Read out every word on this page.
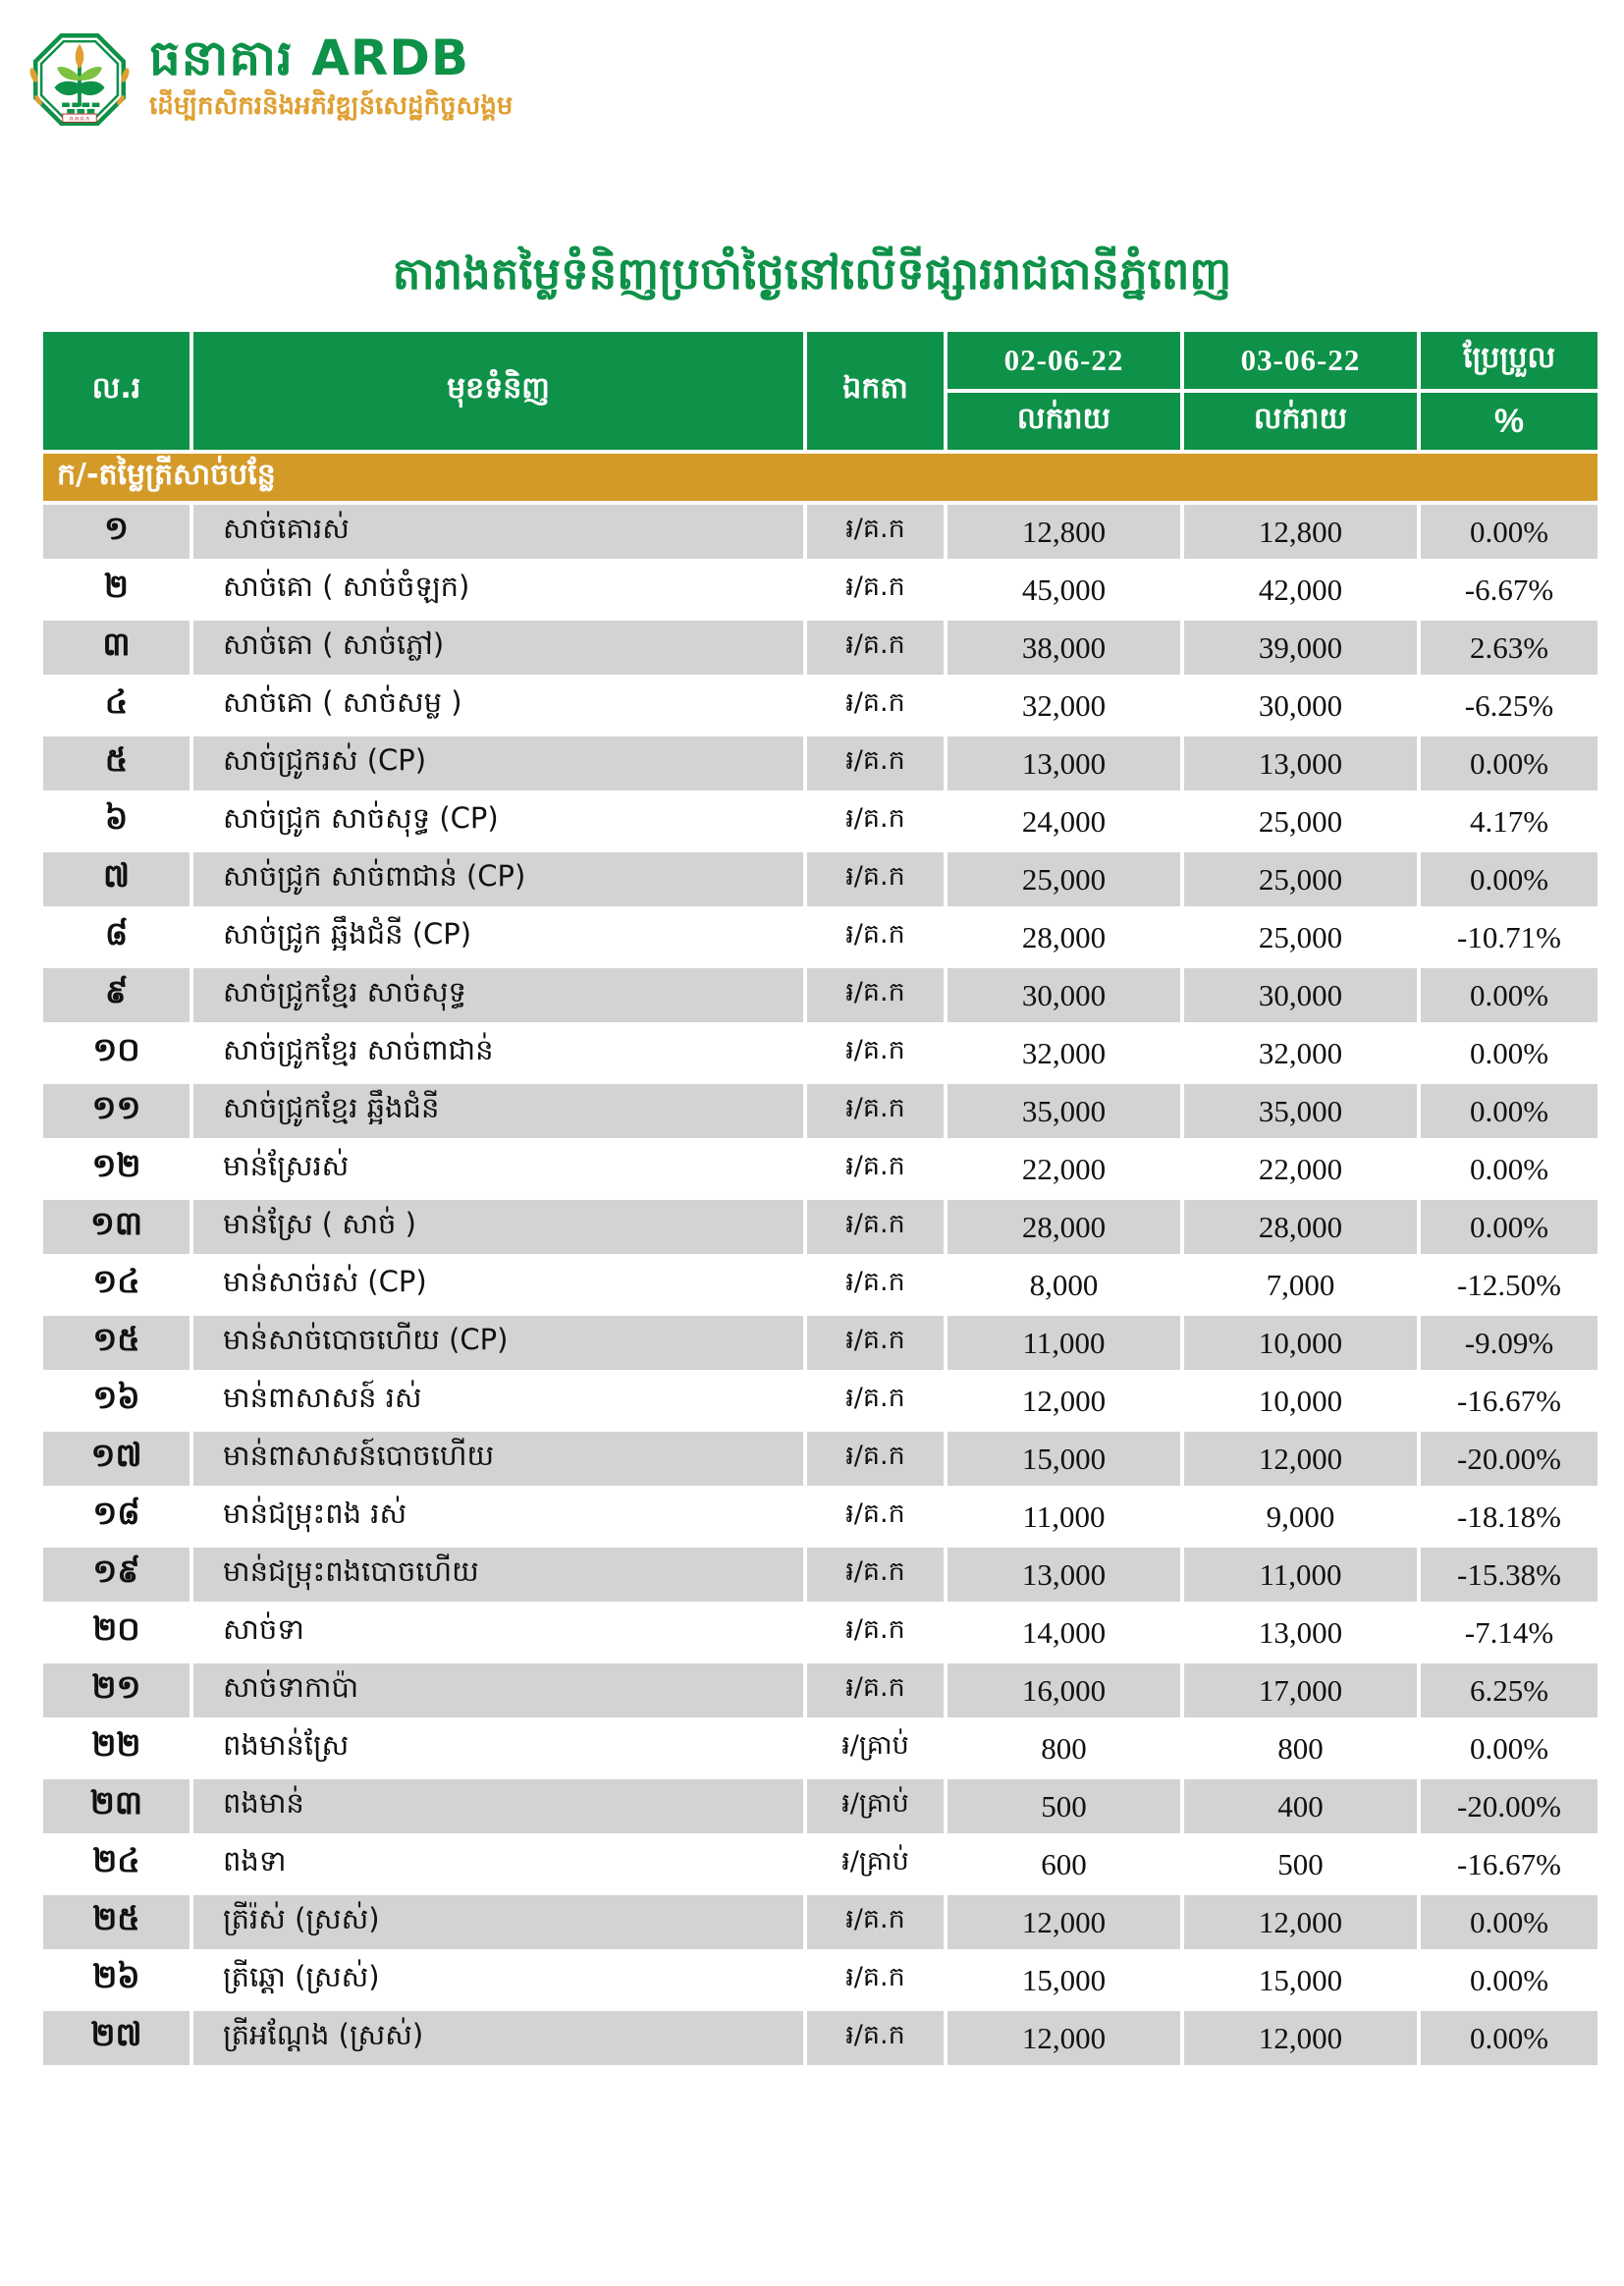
ធ.អ.ជ.ក
ធនាគារ ARDB
ដើម្បីកសិករនិងអភិវឌ្ឍន៍សេដ្ឋកិច្ចសង្គម
តារាងតម្លៃទំនិញប្រចាំថ្ងៃនៅលើទីផ្សាររាជធានីភ្នំពេញ
ល.រ	មុខទំនិញ	ឯកតា	02-06-22	03-06-22	ប្រែប្រួល
			លក់រាយ	លក់រាយ	%
ក/-តម្លៃត្រីសាច់បន្លែ					
១	សាច់គោរស់	៛/គ.ក	12,800	12,800	0.00%
២	សាច់គោ ( សាច់ចំឡក)	៛/គ.ក	45,000	42,000	-6.67%
៣	សាច់គោ ( សាច់ភ្លៅ)	៛/គ.ក	38,000	39,000	2.63%
៤	សាច់គោ ( សាច់សម្ល )	៛/គ.ក	32,000	30,000	-6.25%
៥	សាច់ជ្រូករស់ (CP)	៛/គ.ក	13,000	13,000	0.00%
៦	សាច់ជ្រូក សាច់សុទ្ធ (CP)	៛/គ.ក	24,000	25,000	4.17%
៧	សាច់ជ្រូក សាច់ពាជាន់ (CP)	៛/គ.ក	25,000	25,000	0.00%
៨	សាច់ជ្រូក ឆ្អឹងជំនី (CP)	៛/គ.ក	28,000	25,000	-10.71%
៩	សាច់ជ្រូកខ្មែរ សាច់សុទ្ធ	៛/គ.ក	30,000	30,000	0.00%
១០	សាច់ជ្រូកខ្មែរ សាច់ពាជាន់	៛/គ.ក	32,000	32,000	0.00%
១១	សាច់ជ្រូកខ្មែរ ឆ្អឹងជំនី	៛/គ.ក	35,000	35,000	0.00%
១២	មាន់ស្រែរស់	៛/គ.ក	22,000	22,000	0.00%
១៣	មាន់ស្រែ ( សាច់ )	៛/គ.ក	28,000	28,000	0.00%
១៤	មាន់សាច់រស់ (CP)	៛/គ.ក	8,000	7,000	-12.50%
១៥	មាន់សាច់បោចហើយ (CP)	៛/គ.ក	11,000	10,000	-9.09%
១៦	មាន់ពាសាសន៍ រស់	៛/គ.ក	12,000	10,000	-16.67%
១៧	មាន់ពាសាសន៍បោចហើយ	៛/គ.ក	15,000	12,000	-20.00%
១៨	មាន់ជម្រុះពង រស់	៛/គ.ក	11,000	9,000	-18.18%
១៩	មាន់ជម្រុះពងបោចហើយ	៛/គ.ក	13,000	11,000	-15.38%
២០	សាច់ទា	៛/គ.ក	14,000	13,000	-7.14%
២១	សាច់ទាកាប៉ា	៛/គ.ក	16,000	17,000	6.25%
២២	ពងមាន់ស្រែ	៛/គ្រាប់	800	800	0.00%
២៣	ពងមាន់	៛/គ្រាប់	500	400	-20.00%
២៤	ពងទា	៛/គ្រាប់	600	500	-16.67%
២៥	ត្រីរ៉ស់ (ស្រស់)	៛/គ.ក	12,000	12,000	0.00%
២៦	ត្រីឆ្ដោ (ស្រស់)	៛/គ.ក	15,000	15,000	0.00%
២៧	ត្រីអណ្ដែង (ស្រស់)	៛/គ.ក	12,000	12,000	0.00%
